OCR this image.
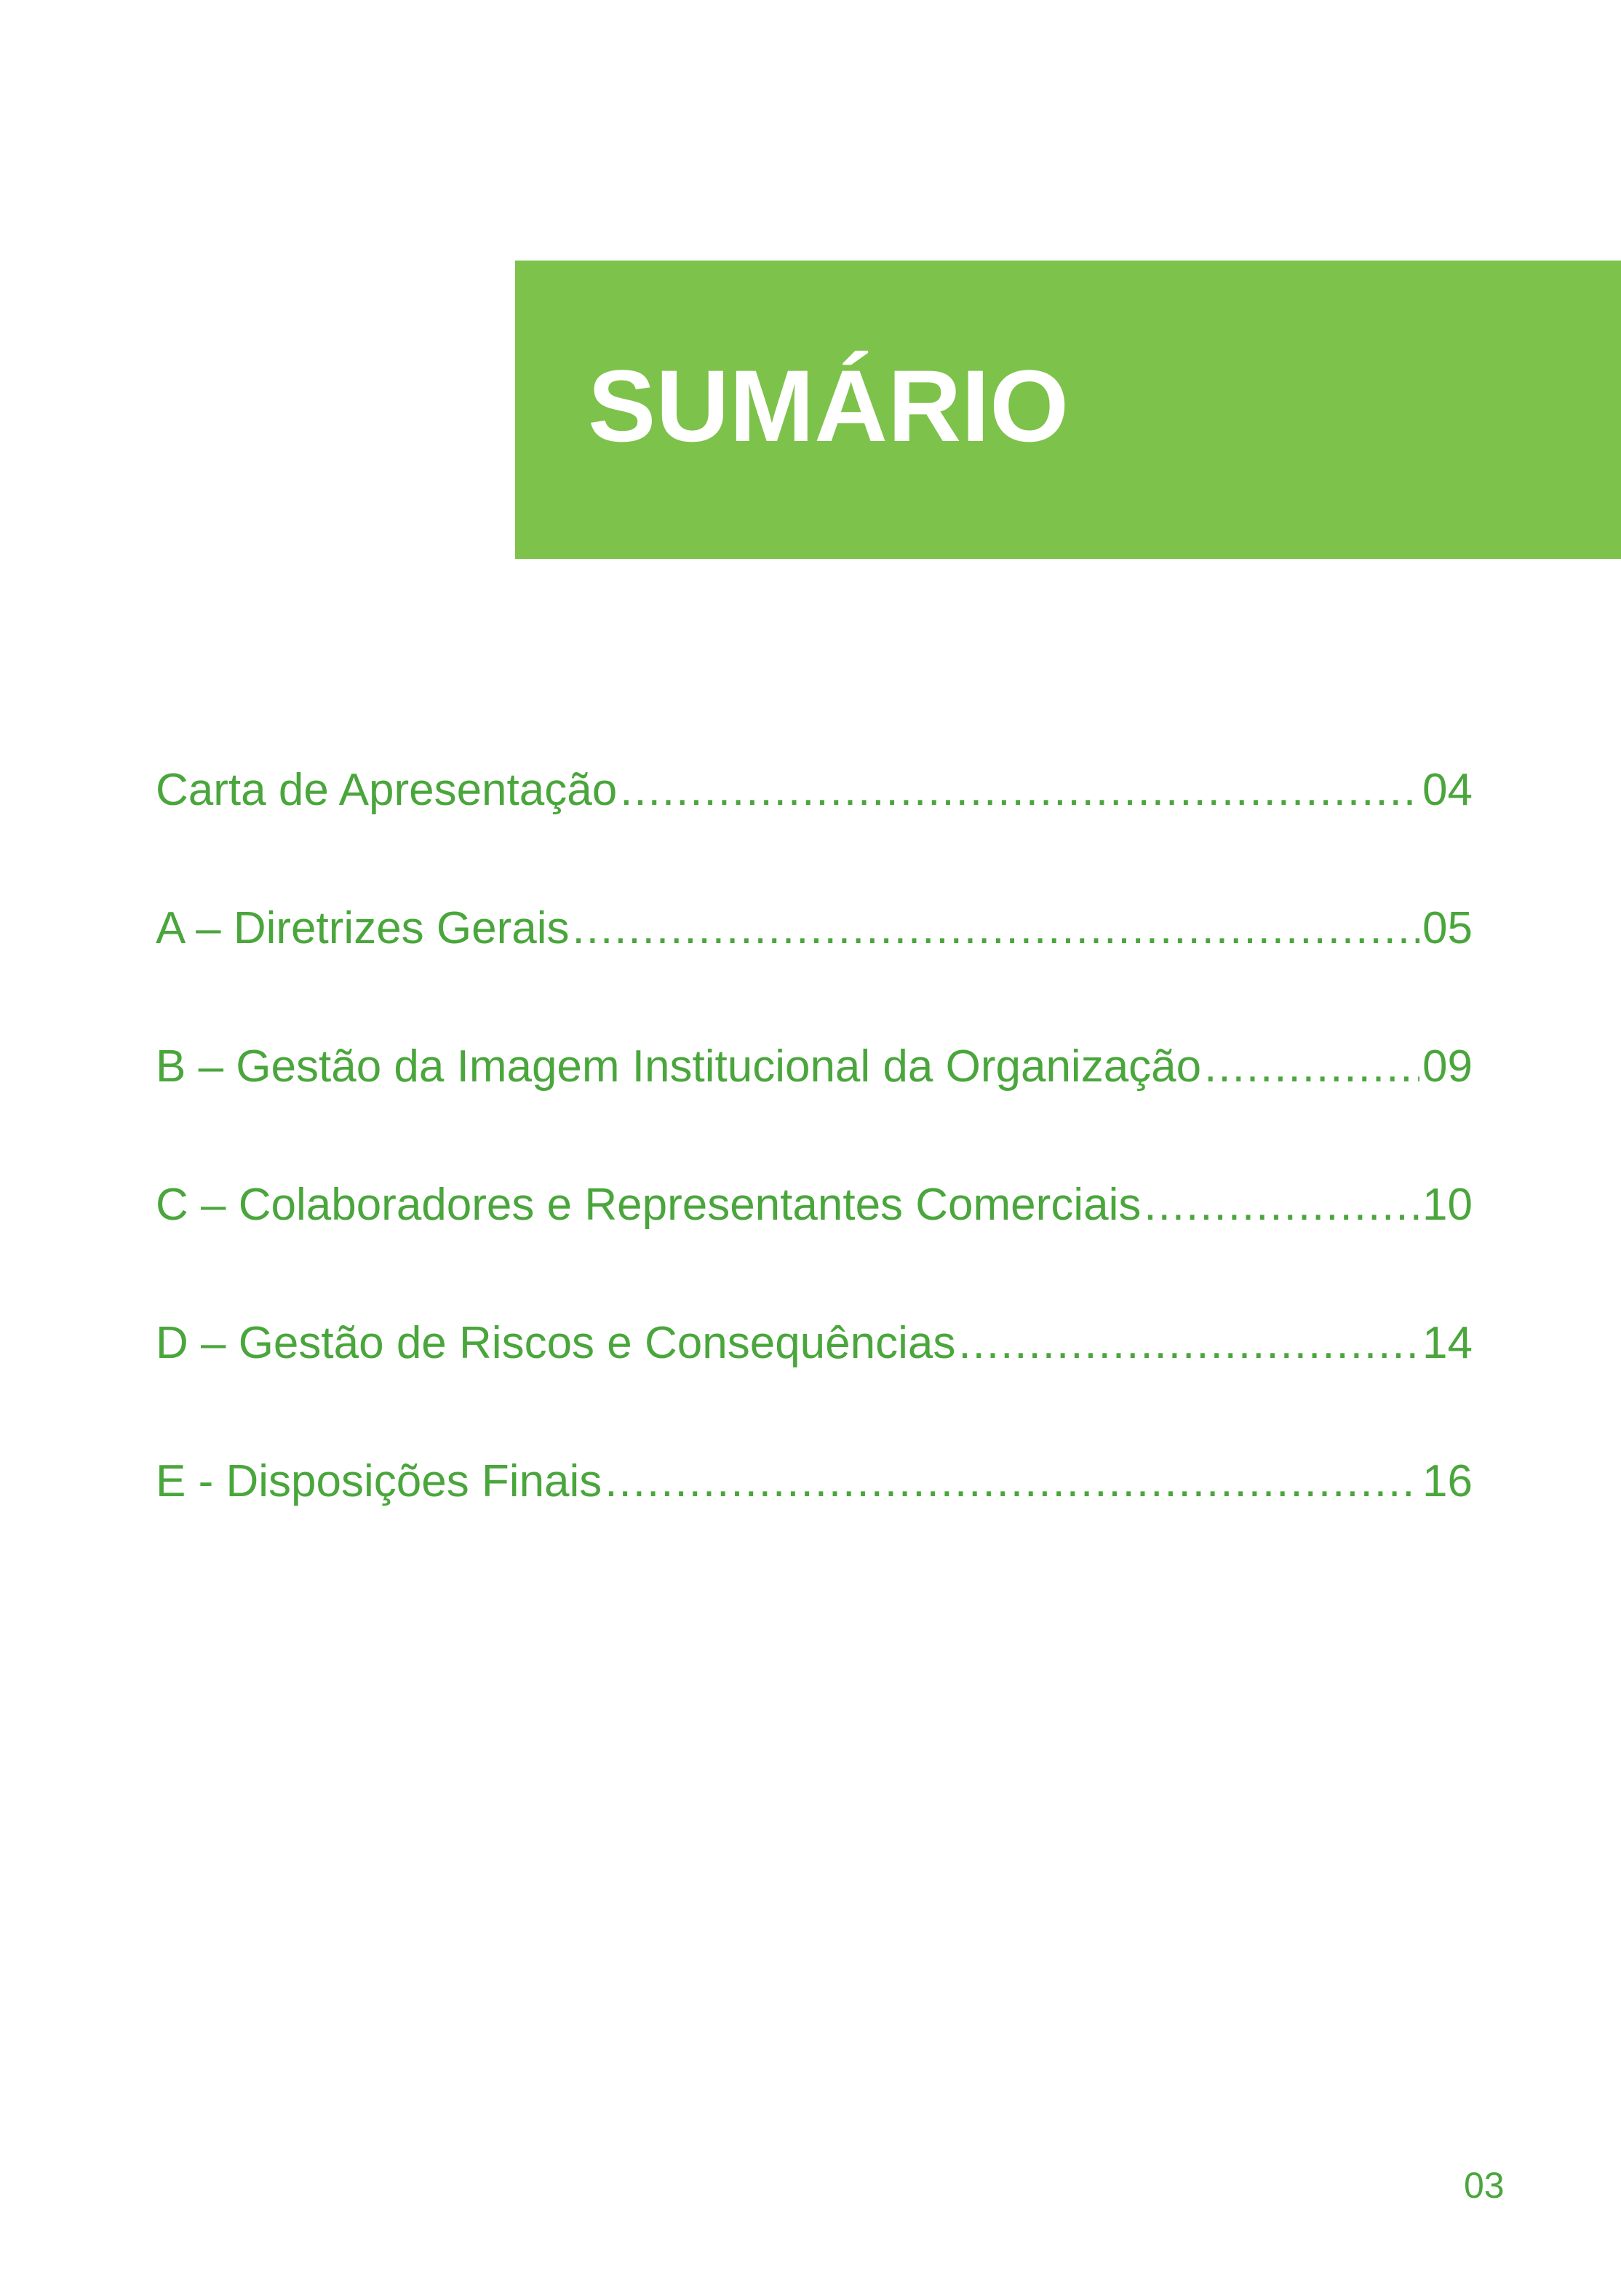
SUMÁRIO
Carta de Apresentação .....	04
A – Diretrizes Gerais .....	05
B – Gestão da Imagem Institucional da Organização .....	09
C – Colaboradores e Representantes Comerciais .....	10
D – Gestão de Riscos e Consequências .....	14
E - Disposições Finais .....	16
03
